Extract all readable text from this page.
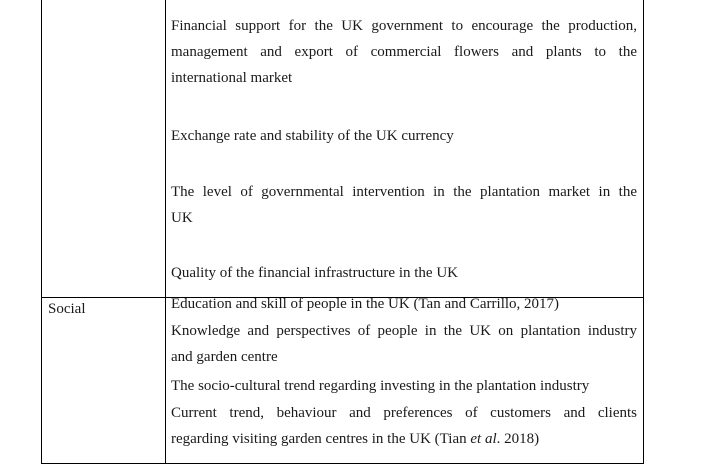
Social
Financial support for the UK government to encourage the production,
management and export of commercial flowers and plants to the
international market
Exchange rate and stability of the UK currency
The level of governmental intervention in the plantation market in the
UK
Quality of the financial infrastructure in the UK
Education and skill of people in the UK (Tan and Carrillo, 2017)
Knowledge and perspectives of people in the UK on plantation industry
and garden centre
The socio-cultural trend regarding investing in the plantation industry
Current trend, behaviour and preferences of customers and clients
regarding visiting garden centres in the UK (Tian et al. 2018)
